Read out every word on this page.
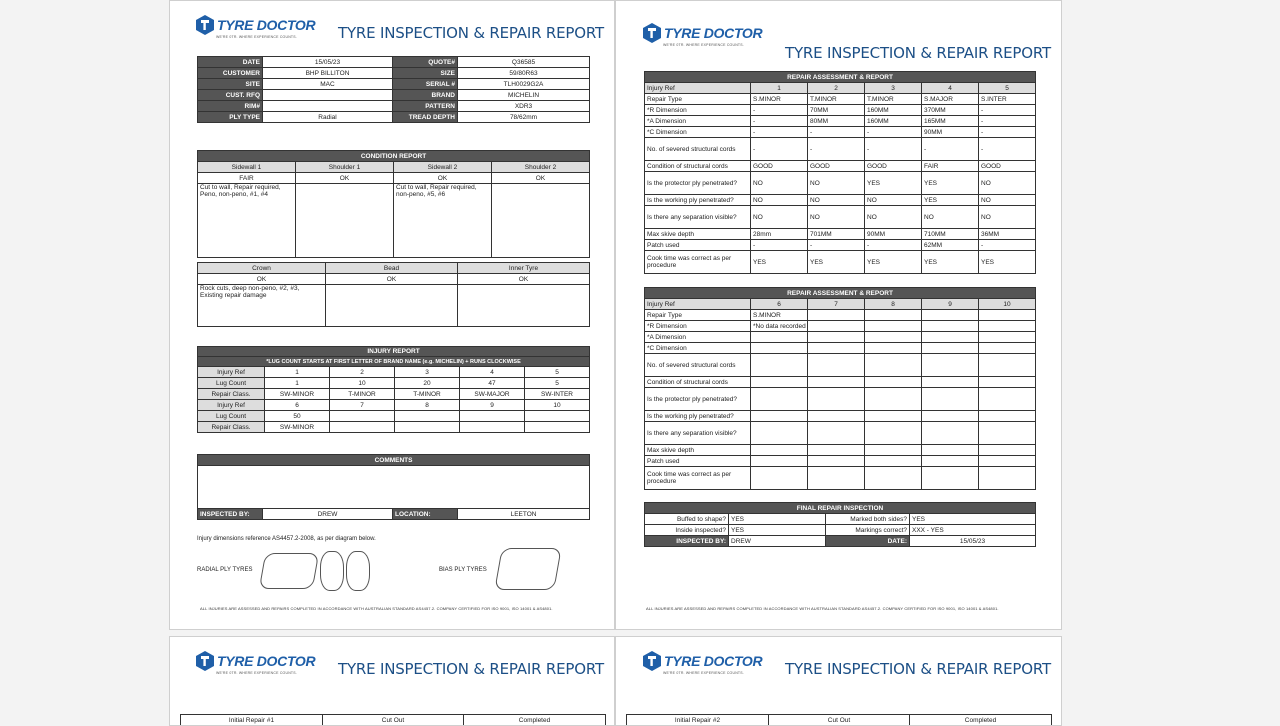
TYRE DOCTOR
WE'RE 0TR. WHERE EXPERIENCE COUNTS.	TYRE INSPECTION & REPAIR REPORT
DATE	15/05/23	QUOTE#	Q36585
CUSTOMER	BHP BILLITON	SIZE	59/80R63
SITE	MAC	SERIAL #	TLH0029G2A
CUST. RFQ		BRAND	MICHELIN
RIM#		PATTERN	XDR3
PLY TYPE	Radial	TREAD DEPTH	78/62mm
CONDITION REPORT			
Sidewall 1	Shoulder 1	Sidewall 2	Shoulder 2
FAIR	OK	OK	OK
Cut to wall, Repair required, Peno, non-peno, #1, #4		Cut to wall, Repair required, non-peno, #5, #6	
Crown	Bead	Inner Tyre
OK	OK	OK
Rock cuts, deep non-peno, #2, #3, Existing repair damage		
INJURY REPORT					
*LUG COUNT STARTS AT FIRST LETTER OF BRAND NAME (e.g. MICHELIN) + RUNS CLOCKWISE					
Injury Ref	1	2	3	4	5
Lug Count	1	10	20	47	5
Repair Class.	SW-MINOR	T-MINOR	T-MINOR	SW-MAJOR	SW-INTER
Injury Ref	6	7	8	9	10
Lug Count	50				
Repair Class.	SW-MINOR				
COMMENTS

INSPECTED BY:	DREW	LOCATION:	LEETON
Injury dimensions reference AS4457.2-2008, as per diagram below.
RADIAL PLY TYRES	BIAS PLY TYRES
ALL INJURIES ARE ASSESSED AND REPAIRS COMPLETED IN ACCORDANCE WITH AUSTRALIAN STANDARD AS4457.2. COMPANY CERTIFIED FOR ISO 9001, ISO 14001 & AS4801.
TYRE DOCTOR
WE'RE 0TR. WHERE EXPERIENCE COUNTS.	TYRE INSPECTION & REPAIR REPORT
REPAIR ASSESSMENT & REPORT					
Injury Ref	1	2	3	4	5
Repair Type	S.MINOR	T.MINOR	T.MINOR	S.MAJOR	S.INTER
*R Dimension	-	70MM	160MM	370MM	-
*A Dimension	-	80MM	160MM	165MM	-
*C Dimension	-	-	-	90MM	-
No. of severed structural cords	-	-	-	-	-
Condition of structural cords	GOOD	GOOD	GOOD	FAIR	GOOD
Is the protector ply penetrated?	NO	NO	YES	YES	NO
Is the working ply penetrated?	NO	NO	NO	YES	NO
Is there any separation visible?	NO	NO	NO	NO	NO
Max skive depth	28mm	701MM	90MM	710MM	36MM
Patch used	-	-	-	62MM	-
Cook time was correct as per procedure	YES	YES	YES	YES	YES
REPAIR ASSESSMENT & REPORT					
Injury Ref	6	7	8	9	10
Repair Type	S.MINOR				
*R Dimension	*No data recorded				
*A Dimension					
*C Dimension					
No. of severed structural cords					
Condition of structural cords					
Is the protector ply penetrated?					
Is the working ply penetrated?					
Is there any separation visible?					
Max skive depth					
Patch used					
Cook time was correct as per procedure					
FINAL REPAIR INSPECTION			
Buffed to shape?	YES	Marked both sides?	YES
Inside inspected?	YES	Markings correct?	XXX - YES
INSPECTED BY:	DREW	DATE:	15/05/23
ALL INJURIES ARE ASSESSED AND REPAIRS COMPLETED IN ACCORDANCE WITH AUSTRALIAN STANDARD AS4457.2. COMPANY CERTIFIED FOR ISO 9001, ISO 14001 & AS4801.
TYRE DOCTOR
WE'RE 0TR. WHERE EXPERIENCE COUNTS.	TYRE INSPECTION & REPAIR REPORT
Initial Repair #1	Cut Out	Completed
TYRE DOCTOR
WE'RE 0TR. WHERE EXPERIENCE COUNTS.	TYRE INSPECTION & REPAIR REPORT
Initial Repair #2	Cut Out	Completed
